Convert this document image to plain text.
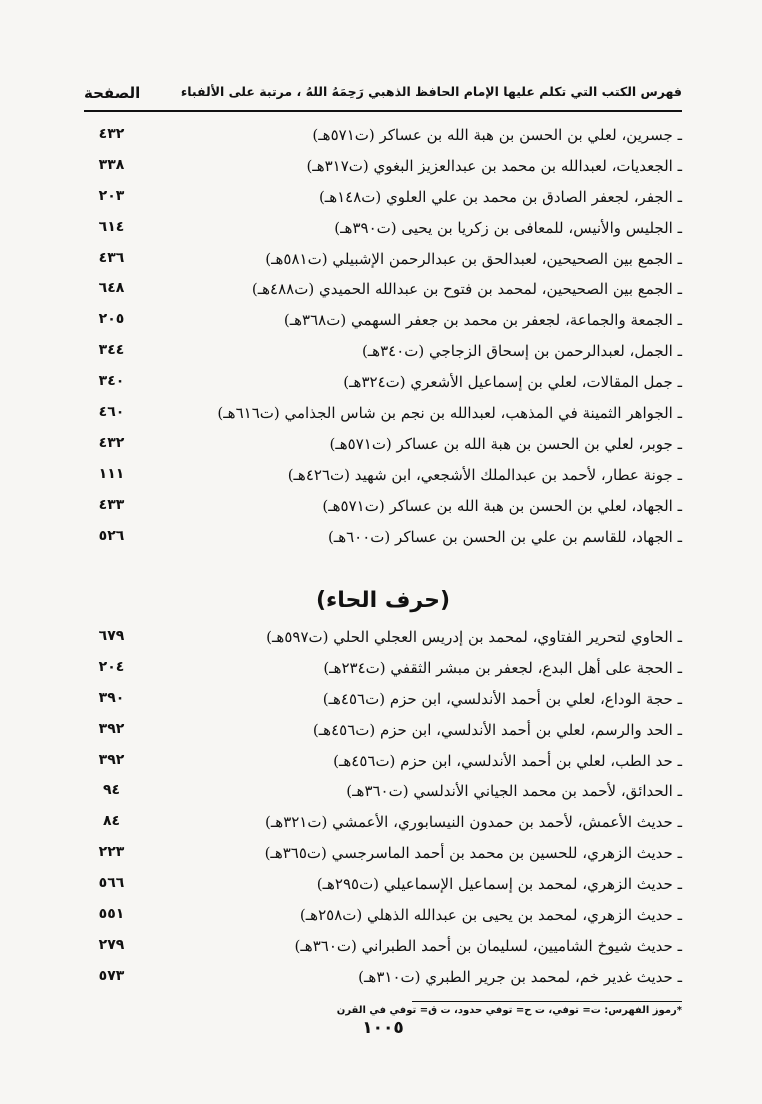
فهرس الكتب التي تكلم عليها الإمام الحافظ الذهبي رَحِمَهُ اللهُ ، مرتبة على الألفباء
الصفحة
ـ جسرين، لعلي بن الحسن بن هبة الله بن عساكر (ت٥٧١هـ)
٤٣٢
ـ الجعديات، لعبدالله بن محمد بن عبدالعزيز البغوي (ت٣١٧هـ)
٣٣٨
ـ الجفر، لجعفر الصادق بن محمد بن علي العلوي (ت١٤٨هـ)
٢٠٣
ـ الجليس والأنيس، للمعافى بن زكريا بن يحيى (ت٣٩٠هـ)
٦١٤
ـ الجمع بين الصحيحين، لعبدالحق بن عبدالرحمن الإشبيلي (ت٥٨١هـ)
٤٣٦
ـ الجمع بين الصحيحين، لمحمد بن فتوح بن عبدالله الحميدي (ت٤٨٨هـ)
٦٤٨
ـ الجمعة والجماعة، لجعفر بن محمد بن جعفر السهمي (ت٣٦٨هـ)
٢٠٥
ـ الجمل، لعبدالرحمن بن إسحاق الزجاجي (ت٣٤٠هـ)
٣٤٤
ـ جمل المقالات، لعلي بن إسماعيل الأشعري (ت٣٢٤هـ)
٣٤٠
ـ الجواهر الثمينة في المذهب، لعبدالله بن نجم بن شاس الجذامي (ت٦١٦هـ)
٤٦٠
ـ جوبر، لعلي بن الحسن بن هبة الله بن عساكر (ت٥٧١هـ)
٤٣٢
ـ جونة عطار، لأحمد بن عبدالملك الأشجعي، ابن شهيد (ت٤٢٦هـ)
١١١
ـ الجهاد، لعلي بن الحسن بن هبة الله بن عساكر (ت٥٧١هـ)
٤٣٣
ـ الجهاد، للقاسم بن علي بن الحسن بن عساكر (ت٦٠٠هـ)
٥٢٦
(حرف الحاء)
ـ الحاوي لتحرير الفتاوي، لمحمد بن إدريس العجلي الحلي (ت٥٩٧هـ)
٦٧٩
ـ الحجة على أهل البدع، لجعفر بن مبشر الثقفي (ت٢٣٤هـ)
٢٠٤
ـ حجة الوداع، لعلي بن أحمد الأندلسي، ابن حزم (ت٤٥٦هـ)
٣٩٠
ـ الحد والرسم، لعلي بن أحمد الأندلسي، ابن حزم (ت٤٥٦هـ)
٣٩٢
ـ حد الطب، لعلي بن أحمد الأندلسي، ابن حزم (ت٤٥٦هـ)
٣٩٢
ـ الحدائق، لأحمد بن محمد الجياني الأندلسي (ت٣٦٠هـ)
٩٤
ـ حديث الأعمش، لأحمد بن حمدون النيسابوري، الأعمشي (ت٣٢١هـ)
٨٤
ـ حديث الزهري، للحسين بن محمد بن أحمد الماسرجسي (ت٣٦٥هـ)
٢٢٣
ـ حديث الزهري، لمحمد بن إسماعيل الإسماعيلي (ت٢٩٥هـ)
٥٦٦
ـ حديث الزهري، لمحمد بن يحيى بن عبدالله الذهلي (ت٢٥٨هـ)
٥٥١
ـ حديث شيوخ الشاميين، لسليمان بن أحمد الطبراني (ت٣٦٠هـ)
٢٧٩
ـ حديث غدير خم، لمحمد بن جرير الطبري (ت٣١٠هـ)
٥٧٣
*رموز الفهرس: ت= توفي، ت ح= توفي حدود، ت ق= توفي في القرن
١٠٠٥
